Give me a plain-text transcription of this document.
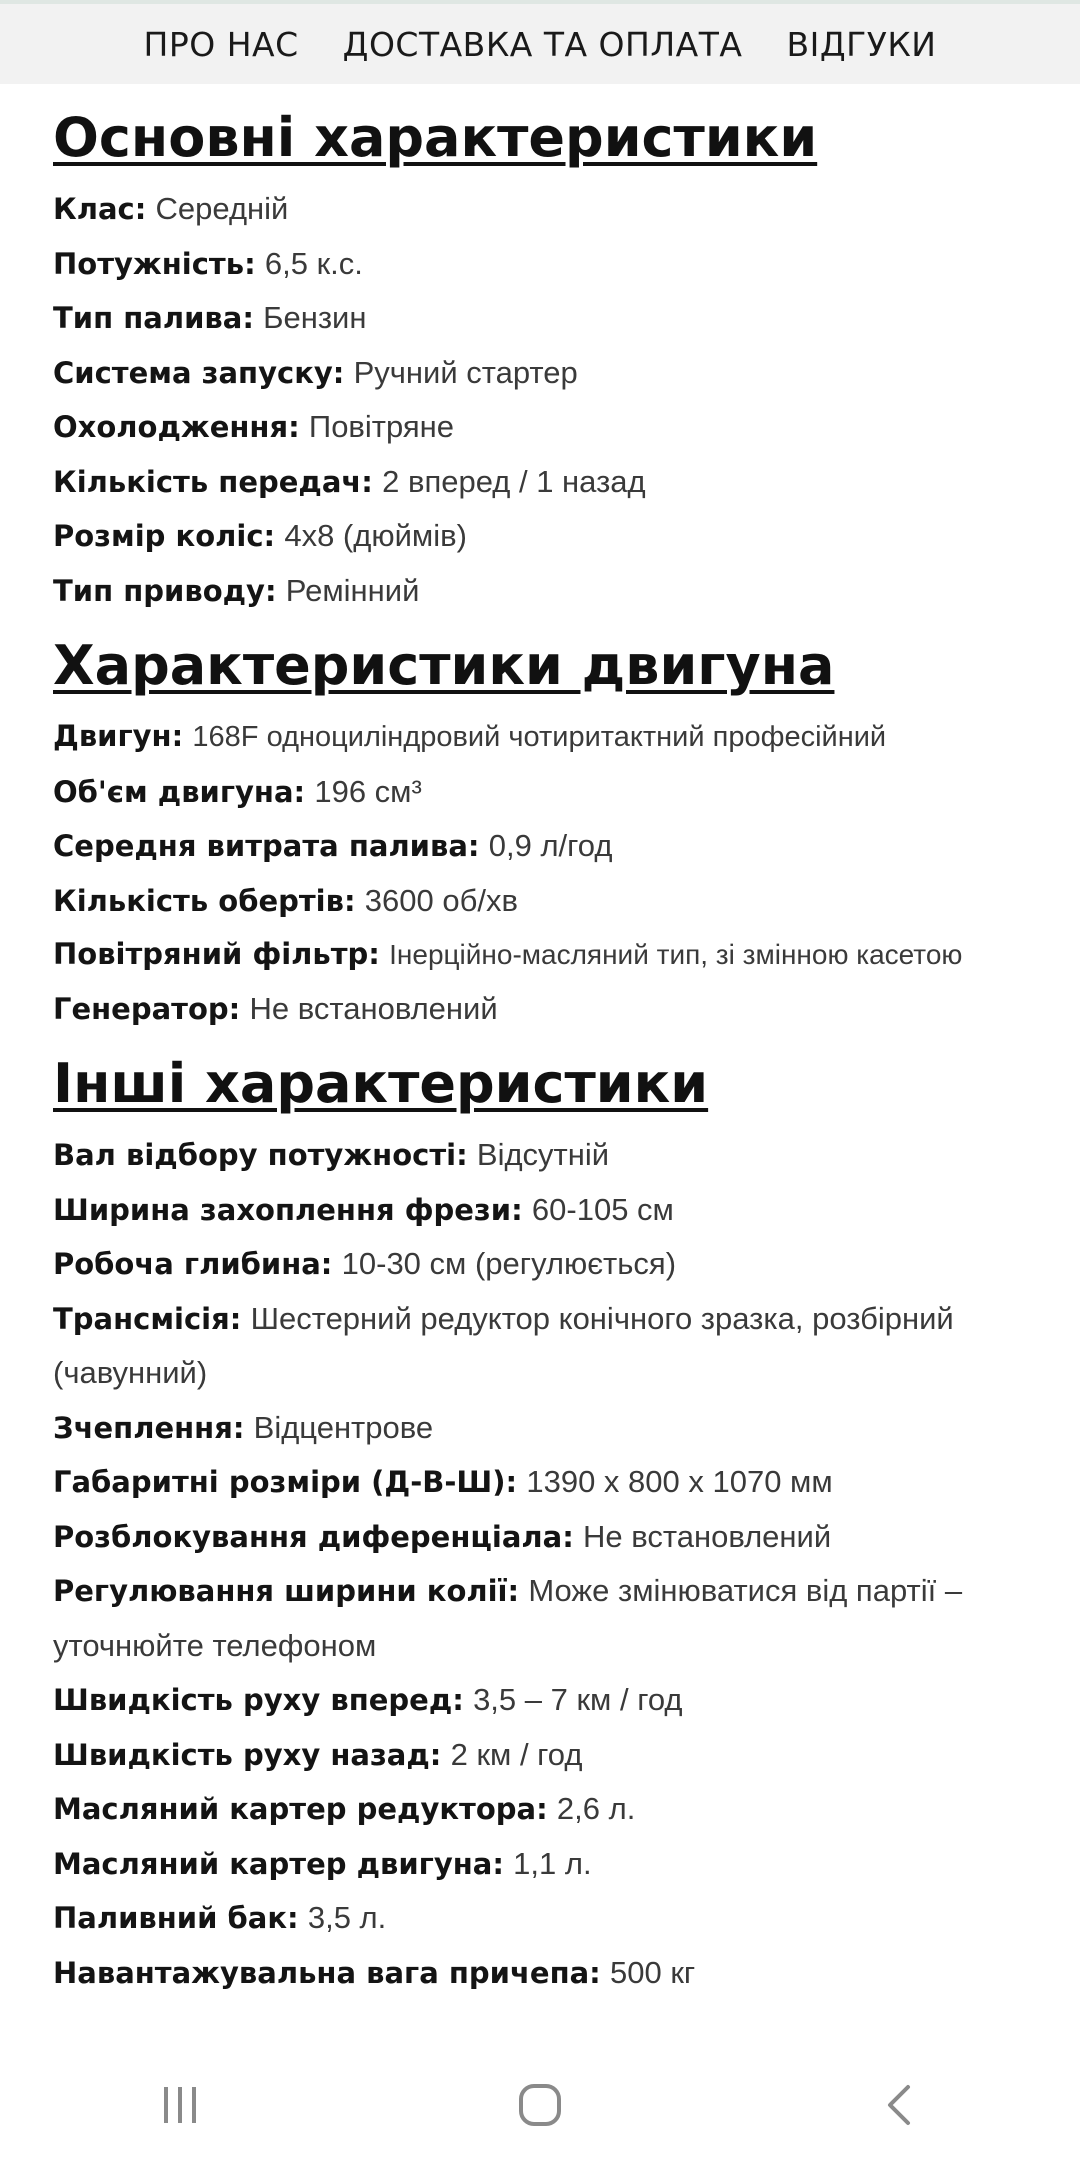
ПРО НАС ДОСТАВКА ТА ОПЛАТА ВІДГУКИ
Основні характеристики
Клас: Середній
Потужність: 6,5 к.с.
Тип палива: Бензин
Система запуску: Ручний стартер
Охолодження: Повітряне
Кількість передач: 2 вперед / 1 назад
Розмір коліс: 4x8 (дюймів)
Тип приводу: Ремінний
Характеристики двигуна
Двигун: 168F одноциліндровий чотиритактний професійний
Об'єм двигуна: 196 см³
Середня витрата палива: 0,9 л/год
Кількість обертів: 3600 об/хв
Повітряний фільтр: Інерційно-масляний тип, зі змінною касетою
Генератор: Не встановлений
Інші характеристики
Вал відбору потужності: Відсутній
Ширина захоплення фрези: 60-105 см
Робоча глибина: 10-30 см (регулюється)
Трансмісія: Шестерний редуктор конічного зразка, розбірний (чавунний)
Зчеплення: Відцентрове
Габаритні розміри (Д-В-Ш): 1390 х 800 х 1070 мм
Розблокування диференціала: Не встановлений
Регулювання ширини колії: Може змінюватися від партії – уточнюйте телефоном
Швидкість руху вперед: 3,5 – 7 км / год
Швидкість руху назад: 2 км / год
Масляний картер редуктора: 2,6 л.
Масляний картер двигуна: 1,1 л.
Паливний бак: 3,5 л.
Навантажувальна вага причепа: 500 кг
